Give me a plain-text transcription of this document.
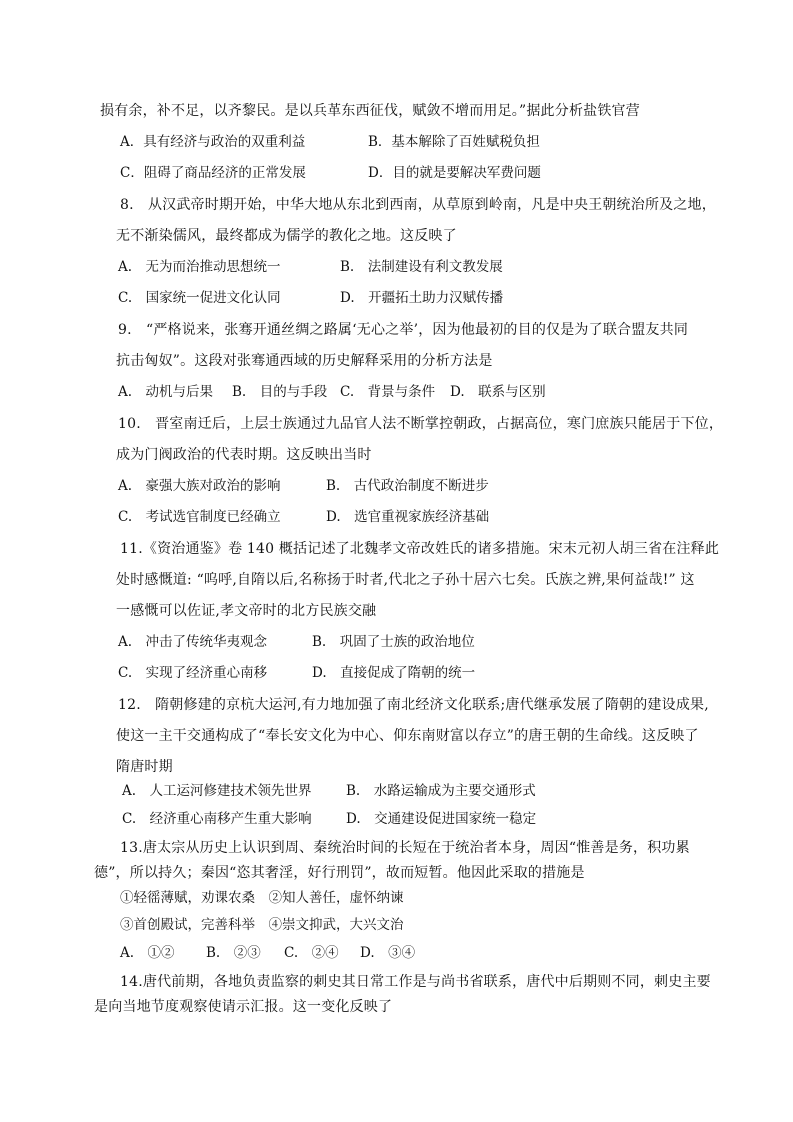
损有余，补不足，以齐黎民。是以兵革东西征伐，赋敛不增而用足。”据此分析盐铁官营
A．具有经济与政治的双重利益	B．基本解除了百姓赋税负担
C．阻碍了商品经济的正常发展	D．目的就是要解决军费问题
8.　从汉武帝时期开始，中华大地从东北到西南，从草原到岭南，凡是中央王朝统治所及之地，
无不渐染儒风，最终都成为儒学的教化之地。这反映了
A.　无为而治推动思想统一	B.　法制建设有利文教发展
C.　国家统一促进文化认同	D.　开疆拓土助力汉赋传播
9.　“严格说来，张骞开通丝绸之路属‘无心之举’，因为他最初的目的仅是为了联合盟友共同
抗击匈奴”。这段对张骞通西域的历史解释采用的分析方法是
A.　动机与后果 B.　目的与手段 C.　背景与条件 D.　联系与区别
10.　晋室南迁后，上层士族通过九品官人法不断掌控朝政，占据高位，寒门庶族只能居于下位，
成为门阀政治的代表时期。这反映出当时
A.　豪强大族对政治的影响	B.　古代政治制度不断进步
C.　考试选官制度已经确立	D.　选官重视家族经济基础
11.《资治通鉴》卷 140 概括记述了北魏孝文帝改姓氏的诸多措施。宋末元初人胡三省在注释此
处时感慨道: “呜呼,自隋以后,名称扬于时者,代北之子孙十居六七矣。氏族之辨,果何益哉!” 这
一感慨可以佐证,孝文帝时的北方民族交融
A.　冲击了传统华夷观念	B.　巩固了士族的政治地位
C.　实现了经济重心南移	D.　直接促成了隋朝的统一
12.　隋朝修建的京杭大运河,有力地加强了南北经济文化联系;唐代继承发展了隋朝的建设成果,
使这一主干交通构成了“奉长安文化为中心、仰东南财富以存立”的唐王朝的生命线。这反映了
隋唐时期
A.　人工运河修建技术领先世界	B.　水路运输成为主要交通形式
C.　经济重心南移产生重大影响	D.　交通建设促进国家统一稳定
13.唐太宗从历史上认识到周、秦统治时间的长短在于统治者本身，周因“惟善是务，积功累
德”，所以持久；秦因“恣其奢淫，好行刑罚”，故而短暂。他因此采取的措施是
①轻徭薄赋，劝课农桑　②知人善任，虚怀纳谏
③首创殿试，完善科举　④崇文抑武，大兴文治
A.　①② B.　②③ C.　②④ D.　③④
14.唐代前期，各地负责监察的刺史其日常工作是与尚书省联系，唐代中后期则不同，刺史主要
是向当地节度观察使请示汇报。这一变化反映了
